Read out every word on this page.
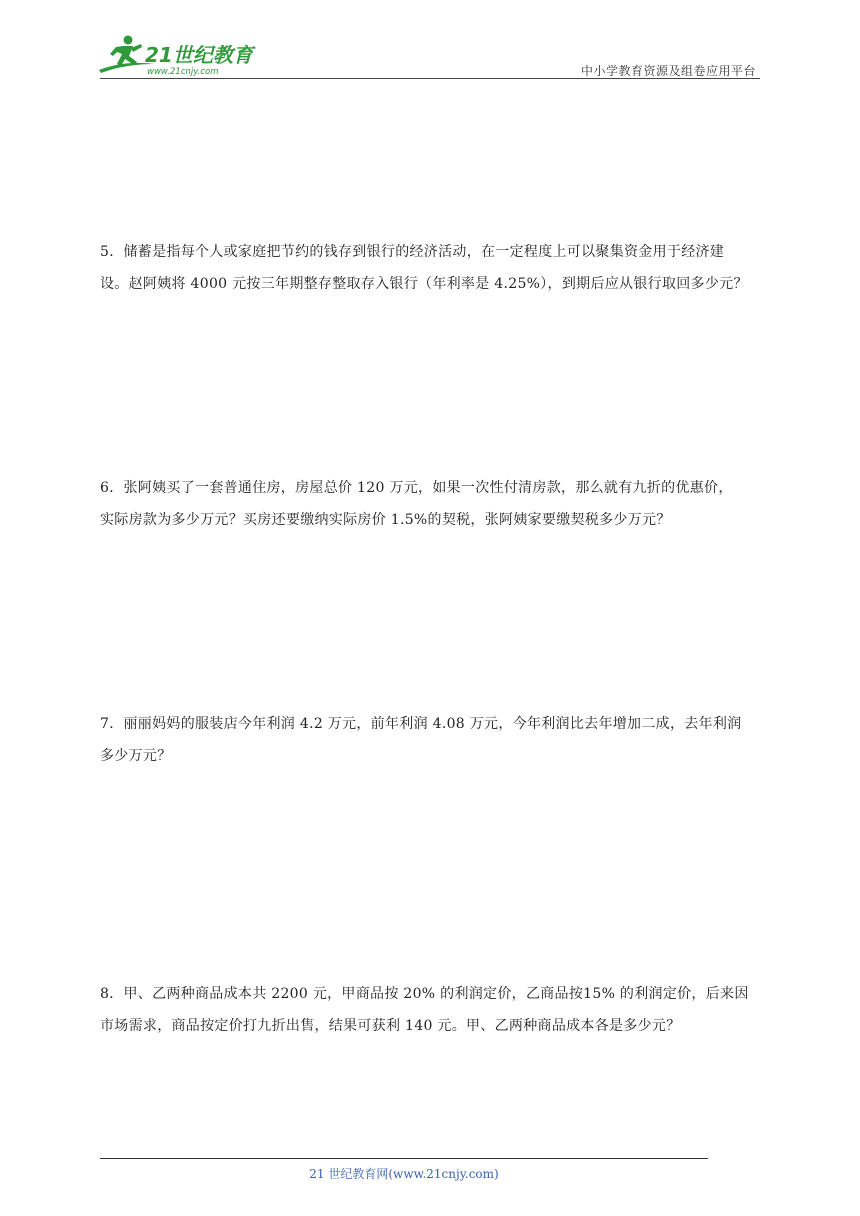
21世纪教育
www.21cnjy.com	中小学教育资源及组卷应用平台
5．储蓄是指每个人或家庭把节约的钱存到银行的经济活动，在一定程度上可以聚集资金用于经济建
设。赵阿姨将 4000 元按三年期整存整取存入银行（年利率是 4.25%），到期后应从银行取回多少元？
6．张阿姨买了一套普通住房，房屋总价 120 万元，如果一次性付清房款，那么就有九折的优惠价，
实际房款为多少万元？买房还要缴纳实际房价 1.5%的契税，张阿姨家要缴契税多少万元？
7．丽丽妈妈的服装店今年利润 4.2 万元，前年利润 4.08 万元，今年利润比去年增加二成，去年利润
多少万元？
8．甲、乙两种商品成本共 2200 元，甲商品按 20% 的利润定价，乙商品按15% 的利润定价，后来因
市场需求，商品按定价打九折出售，结果可获利 140 元。甲、乙两种商品成本各是多少元？
21 世纪教育网(www.21cnjy.com)
